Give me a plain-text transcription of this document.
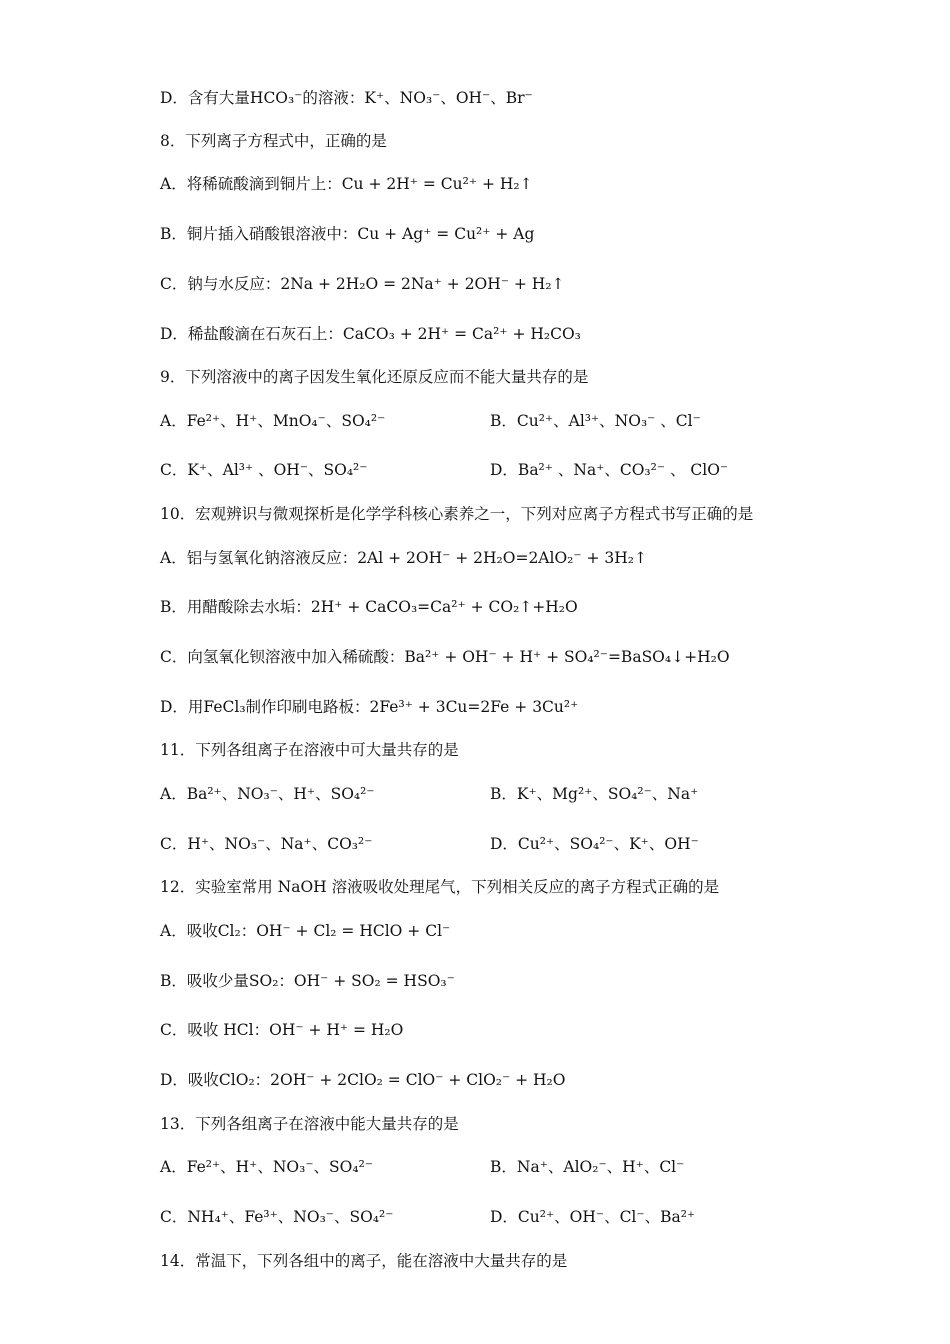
D．含有大量HCO₃⁻的溶液：K⁺、NO₃⁻、OH⁻、Br⁻
8．下列离子方程式中，正确的是
A．将稀硫酸滴到铜片上：Cu + 2H⁺ = Cu²⁺ + H₂↑
B．铜片插入硝酸银溶液中：Cu + Ag⁺ = Cu²⁺ + Ag
C．钠与水反应：2Na + 2H₂O = 2Na⁺ + 2OH⁻ + H₂↑
D．稀盐酸滴在石灰石上：CaCO₃ + 2H⁺ = Ca²⁺ + H₂CO₃
9．下列溶液中的离子因发生氧化还原反应而不能大量共存的是
A．Fe²⁺、H⁺、MnO₄⁻、SO₄²⁻	B．Cu²⁺、Al³⁺、NO₃⁻ 、Cl⁻
C．K⁺、Al³⁺ 、OH⁻、SO₄²⁻	D．Ba²⁺ 、Na⁺、CO₃²⁻ 、 ClO⁻
10．宏观辨识与微观探析是化学学科核心素养之一，下列对应离子方程式书写正确的是
A．铝与氢氧化钠溶液反应：2Al + 2OH⁻ + 2H₂O=2AlO₂⁻ + 3H₂↑
B．用醋酸除去水垢：2H⁺ + CaCO₃=Ca²⁺ + CO₂↑+H₂O
C．向氢氧化钡溶液中加入稀硫酸：Ba²⁺ + OH⁻ + H⁺ + SO₄²⁻=BaSO₄↓+H₂O
D．用FeCl₃制作印刷电路板：2Fe³⁺ + 3Cu=2Fe + 3Cu²⁺
11．下列各组离子在溶液中可大量共存的是
A．Ba²⁺、NO₃⁻、H⁺、SO₄²⁻	B．K⁺、Mg²⁺、SO₄²⁻、Na⁺
C．H⁺、NO₃⁻、Na⁺、CO₃²⁻	D．Cu²⁺、SO₄²⁻、K⁺、OH⁻
12．实验室常用 NaOH 溶液吸收处理尾气，下列相关反应的离子方程式正确的是
A．吸收Cl₂：OH⁻ + Cl₂ = HClO + Cl⁻
B．吸收少量SO₂：OH⁻ + SO₂ = HSO₃⁻
C．吸收 HCl：OH⁻ + H⁺ = H₂O
D．吸收ClO₂：2OH⁻ + 2ClO₂ = ClO⁻ + ClO₂⁻ + H₂O
13．下列各组离子在溶液中能大量共存的是
A．Fe²⁺、H⁺、NO₃⁻、SO₄²⁻	B．Na⁺、AlO₂⁻、H⁺、Cl⁻
C．NH₄⁺、Fe³⁺、NO₃⁻、SO₄²⁻	D．Cu²⁺、OH⁻、Cl⁻、Ba²⁺
14．常温下，下列各组中的离子，能在溶液中大量共存的是
